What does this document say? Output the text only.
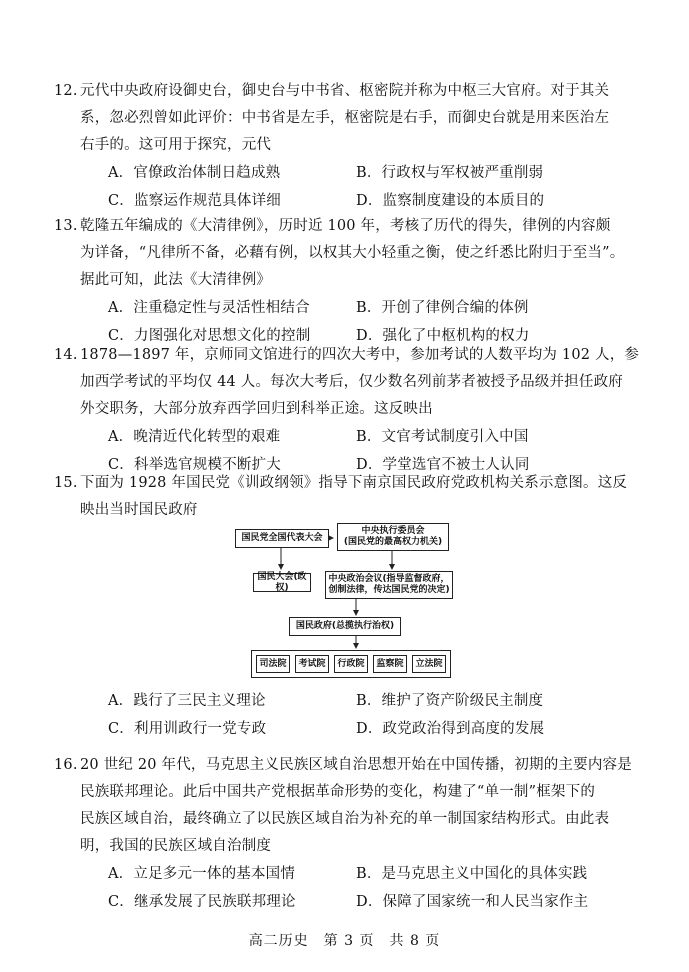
12. 元代中央政府设御史台，御史台与中书省、枢密院并称为中枢三大官府。对于其关
系，忽必烈曾如此评价：中书省是左手，枢密院是右手，而御史台就是用来医治左
右手的。这可用于探究，元代
A．官僚政治体制日趋成熟	B．行政权与军权被严重削弱
C．监察运作规范具体详细	D．监察制度建设的本质目的
13. 乾隆五年编成的《大清律例》，历时近 100 年，考核了历代的得失，律例的内容颇
为详备，“凡律所不备，必藉有例，以权其大小轻重之衡，使之纤悉比附归于至当”。
据此可知，此法《大清律例》
A．注重稳定性与灵活性相结合	B．开创了律例合编的体例
C．力图强化对思想文化的控制	D．强化了中枢机构的权力
14. 1878—1897 年，京师同文馆进行的四次大考中，参加考试的人数平均为 102 人，参
加西学考试的平均仅 44 人。每次大考后，仅少数名列前茅者被授予品级并担任政府
外交职务，大部分放弃西学回归到科举正途。这反映出
A．晚清近代化转型的艰难	B．文官考试制度引入中国
C．科举选官规模不断扩大	D．学堂选官不被士人认同
15. 下面为 1928 年国民党《训政纲领》指导下南京国民政府党政机构关系示意图。这反
映出当时国民政府
国民党全国代表大会
中央执行委员会
(国民党的最高权力机关)
国民大会(政权)
中央政治会议(指导监督政府，
创制法律，传达国民党的决定)
国民政府(总揽执行治权)
司法院 考试院 行政院 监察院 立法院
A．践行了三民主义理论	B．维护了资产阶级民主制度
C．利用训政行一党专政	D．政党政治得到高度的发展
16. 20 世纪 20 年代，马克思主义民族区域自治思想开始在中国传播，初期的主要内容是
民族联邦理论。此后中国共产党根据革命形势的变化，构建了“单一制”框架下的
民族区域自治，最终确立了以民族区域自治为补充的单一制国家结构形式。由此表
明，我国的民族区域自治制度
A．立足多元一体的基本国情	B．是马克思主义中国化的具体实践
C．继承发展了民族联邦理论	D．保障了国家统一和人民当家作主
高二历史　第 3 页　共 8 页
